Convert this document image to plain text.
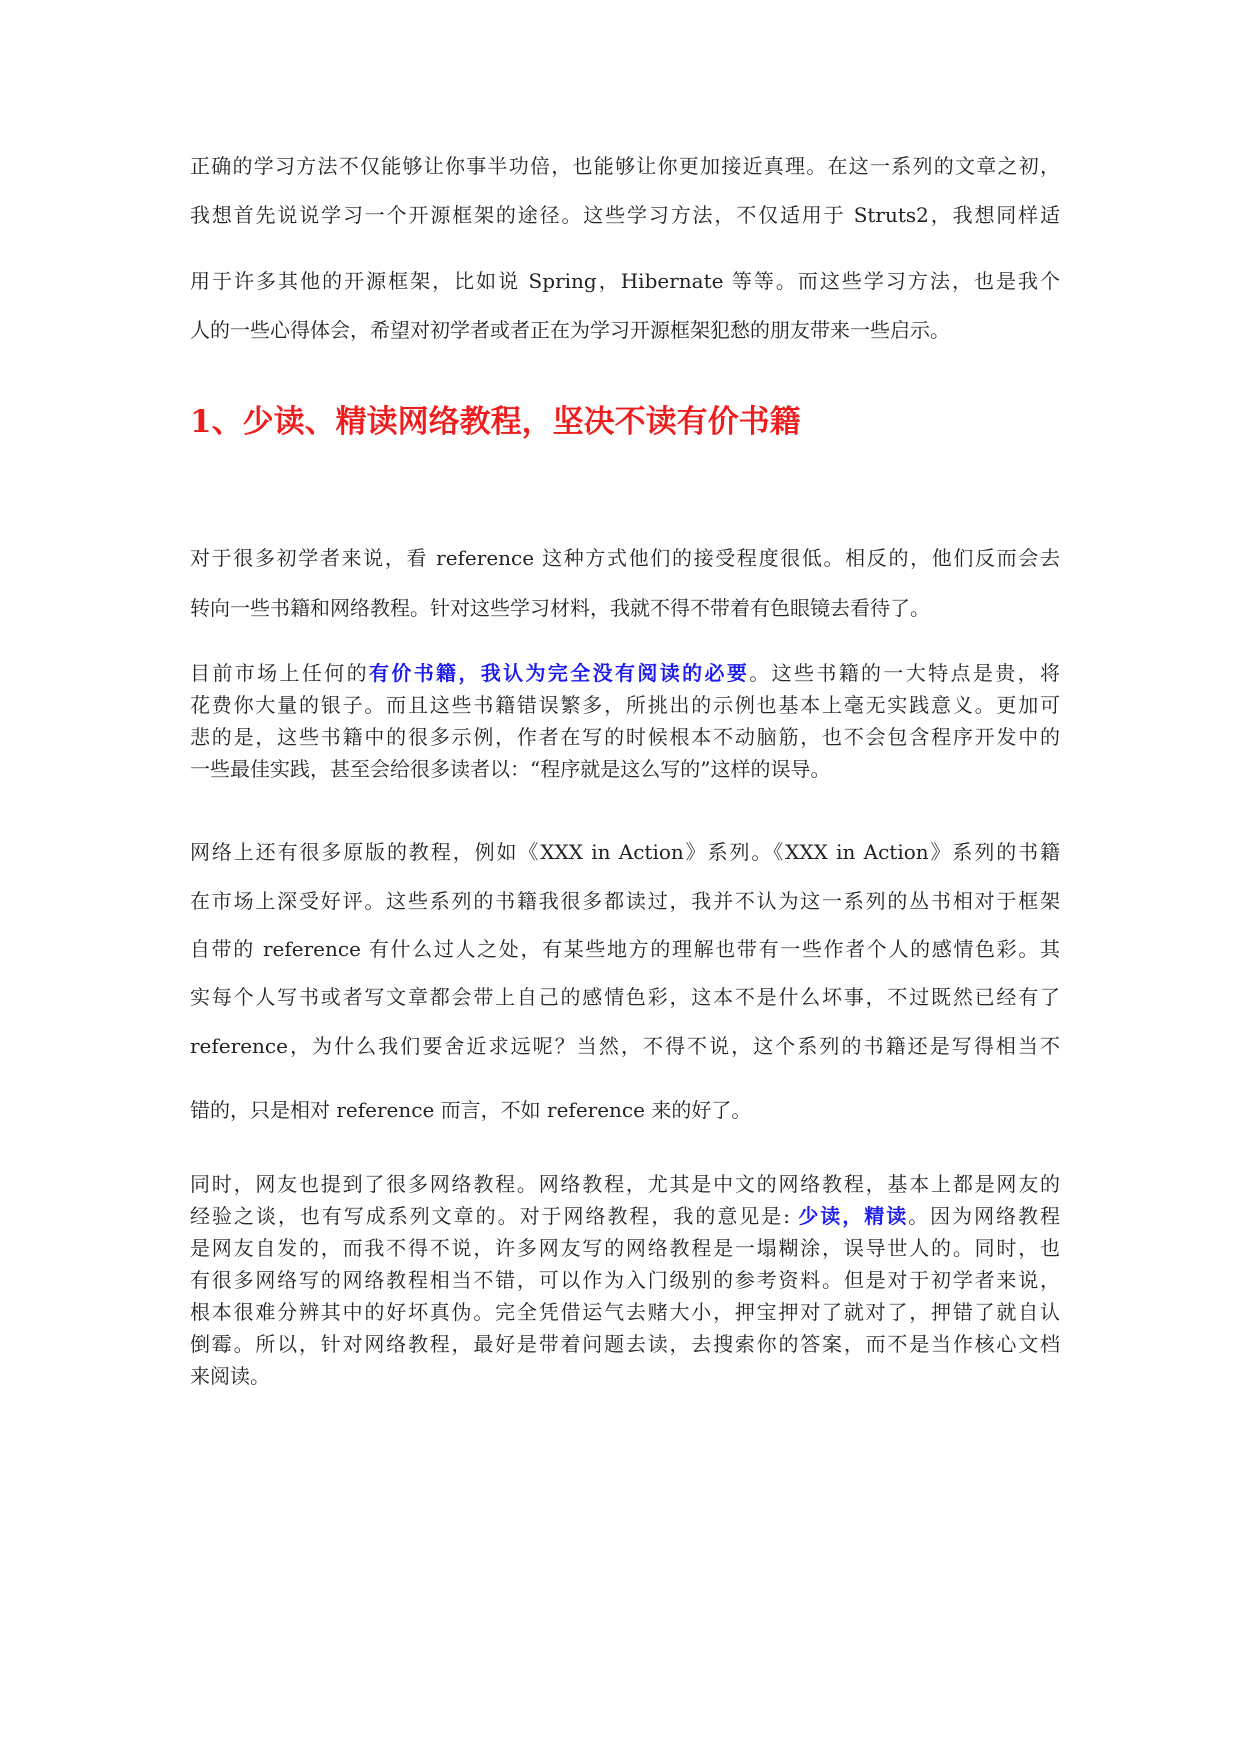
正确的学习方法不仅能够让你事半功倍，也能够让你更加接近真理。在这一系列的文章之初，
我想首先说说学习一个开源框架的途径。这些学习方法，不仅适用于 Struts2，我想同样适
用于许多其他的开源框架，比如说 Spring，Hibernate 等等。而这些学习方法，也是我个
人的一些心得体会，希望对初学者或者正在为学习开源框架犯愁的朋友带来一些启示。
1、少读、精读网络教程，坚决不读有价书籍
对于很多初学者来说，看 reference 这种方式他们的接受程度很低。相反的，他们反而会去
转向一些书籍和网络教程。针对这些学习材料，我就不得不带着有色眼镜去看待了。
目前市场上任何的有价书籍，我认为完全没有阅读的必要。这些书籍的一大特点是贵，将
花费你大量的银子。而且这些书籍错误繁多，所挑出的示例也基本上毫无实践意义。更加可
悲的是，这些书籍中的很多示例，作者在写的时候根本不动脑筋，也不会包含程序开发中的
一些最佳实践，甚至会给很多读者以：“程序就是这么写的”这样的误导。
网络上还有很多原版的教程，例如《XXX in Action》系列。《XXX in Action》系列的书籍
在市场上深受好评。这些系列的书籍我很多都读过，我并不认为这一系列的丛书相对于框架
自带的 reference 有什么过人之处，有某些地方的理解也带有一些作者个人的感情色彩。其
实每个人写书或者写文章都会带上自己的感情色彩，这本不是什么坏事，不过既然已经有了
reference，为什么我们要舍近求远呢？当然，不得不说，这个系列的书籍还是写得相当不
错的，只是相对 reference 而言，不如 reference 来的好了。
同时，网友也提到了很多网络教程。网络教程，尤其是中文的网络教程，基本上都是网友的
经验之谈，也有写成系列文章的。对于网络教程，我的意见是: 少读，精读。因为网络教程
是网友自发的，而我不得不说，许多网友写的网络教程是一塌糊涂，误导世人的。同时，也
有很多网络写的网络教程相当不错，可以作为入门级别的参考资料。但是对于初学者来说，
根本很难分辨其中的好坏真伪。完全凭借运气去赌大小，押宝押对了就对了，押错了就自认
倒霉。所以，针对网络教程，最好是带着问题去读，去搜索你的答案，而不是当作核心文档
来阅读。
